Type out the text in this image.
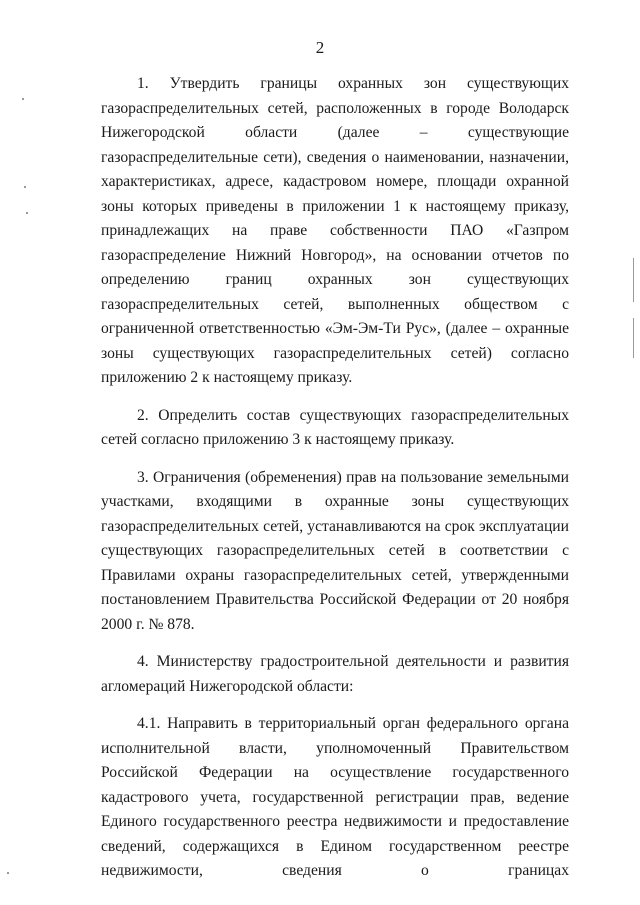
2

1. Утвердить границы охранных зон существующих газораспределительных сетей, расположенных в городе Володарск Нижегородской области (далее – существующие газораспределительные сети), сведения о наименовании, назначении, характеристиках, адресе, кадастровом номере, площади охранной зоны которых приведены в приложении 1 к настоящему приказу, принадлежащих на праве собственности ПАО «Газпром газораспределение Нижний Новгород», на основании отчетов по определению границ охранных зон существующих газораспределительных сетей, выполненных обществом с ограниченной ответственностью «Эм-Эм-Ти Рус», (далее – охранные зоны существующих газораспределительных сетей) согласно приложению 2 к настоящему приказу.

2. Определить состав существующих газораспределительных сетей согласно приложению 3 к настоящему приказу.

3. Ограничения (обременения) прав на пользование земельными участками, входящими в охранные зоны существующих газораспределительных сетей, устанавливаются на срок эксплуатации существующих газораспределительных сетей в соответствии с Правилами охраны газораспределительных сетей, утвержденными постановлением Правительства Российской Федерации от 20 ноября 2000 г. № 878.

4. Министерству градостроительной деятельности и развития агломераций Нижегородской области:

4.1. Направить в территориальный орган федерального органа исполнительной власти, уполномоченный Правительством Российской Федерации на осуществление государственного кадастрового учета, государственной регистрации прав, ведение Единого государственного реестра недвижимости и предоставление сведений, содержащихся в Едином государственном реестре недвижимости, сведения о границах
